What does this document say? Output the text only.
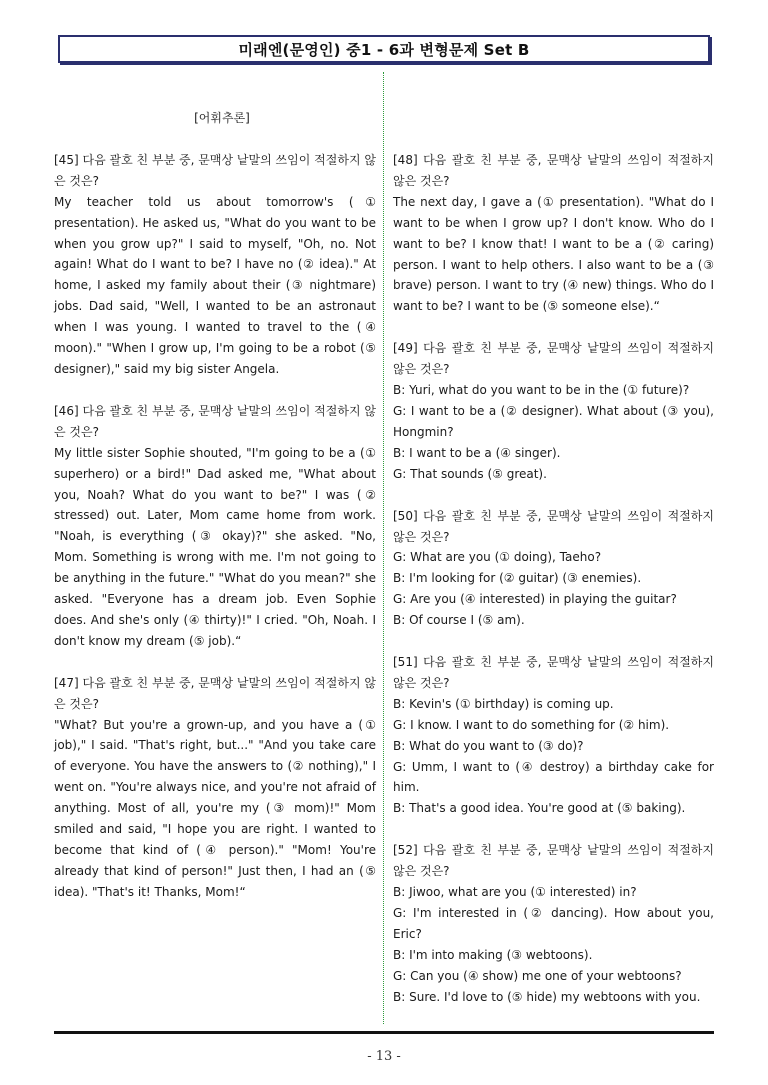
미래엔(문영인) 중1 - 6과 변형문제 Set B

[어휘추론]

[45] 다음 괄호 친 부분 중, 문맥상 낱말의 쓰임이 적절하지 않은 것은?

My teacher told us about tomorrow's (① presentation). He asked us, "What do you want to be when you grow up?" I said to myself, "Oh, no. Not again! What do I want to be? I have no (② idea)." At home, I asked my family about their (③ nightmare) jobs. Dad said, "Well, I wanted to be an astronaut when I was young. I wanted to travel to the (④ moon)." "When I grow up, I'm going to be a robot (⑤ designer)," said my big sister Angela.

[46] 다음 괄호 친 부분 중, 문맥상 낱말의 쓰임이 적절하지 않은 것은?

My little sister Sophie shouted, "I'm going to be a (① superhero) or a bird!" Dad asked me, "What about you, Noah? What do you want to be?" I was (② stressed) out. Later, Mom came home from work. "Noah, is everything (③ okay)?" she asked. "No, Mom. Something is wrong with me. I'm not going to be anything in the future." "What do you mean?" she asked. "Everyone has a dream job. Even Sophie does. And she's only (④ thirty)!" I cried. "Oh, Noah. I don't know my dream (⑤ job).“

[47] 다음 괄호 친 부분 중, 문맥상 낱말의 쓰임이 적절하지 않은 것은?

"What? But you're a grown-up, and you have a (① job)," I said. "That's right, but..." "And you take care of everyone. You have the answers to (② nothing)," I went on. "You're always nice, and you're not afraid of anything. Most of all, you're my (③ mom)!" Mom smiled and said, "I hope you are right. I wanted to become that kind of (④ person)." "Mom! You're already that kind of person!" Just then, I had an (⑤ idea). "That's it! Thanks, Mom!“

[48] 다음 괄호 친 부분 중, 문맥상 낱말의 쓰임이 적절하지 않은 것은?

The next day, I gave a (① presentation). "What do I want to be when I grow up? I don't know. Who do I want to be? I know that! I want to be a (② caring) person. I want to help others. I also want to be a (③ brave) person. I want to try (④ new) things. Who do I want to be? I want to be (⑤ someone else).“

[49] 다음 괄호 친 부분 중, 문맥상 낱말의 쓰임이 적절하지 않은 것은?

B: Yuri, what do you want to be in the (① future)?

G: I want to be a (② designer). What about (③ you), Hongmin?

B: I want to be a (④ singer).

G: That sounds (⑤ great).

[50] 다음 괄호 친 부분 중, 문맥상 낱말의 쓰임이 적절하지 않은 것은?

G: What are you (① doing), Taeho?

B: I'm looking for (② guitar) (③ enemies).

G: Are you (④ interested) in playing the guitar?

B: Of course I (⑤ am).

[51] 다음 괄호 친 부분 중, 문맥상 낱말의 쓰임이 적절하지 않은 것은?

B: Kevin's (① birthday) is coming up.

G: I know. I want to do something for (② him).

B: What do you want to (③ do)?

G: Umm, I want to (④ destroy) a birthday cake for him.

B: That's a good idea. You're good at (⑤ baking).

[52] 다음 괄호 친 부분 중, 문맥상 낱말의 쓰임이 적절하지 않은 것은?

B: Jiwoo, what are you (① interested) in?

G: I'm interested in (② dancing). How about you, Eric?

B: I'm into making (③ webtoons).

G: Can you (④ show) me one of your webtoons?

B: Sure. I'd love to (⑤ hide) my webtoons with you.

- 13 -
